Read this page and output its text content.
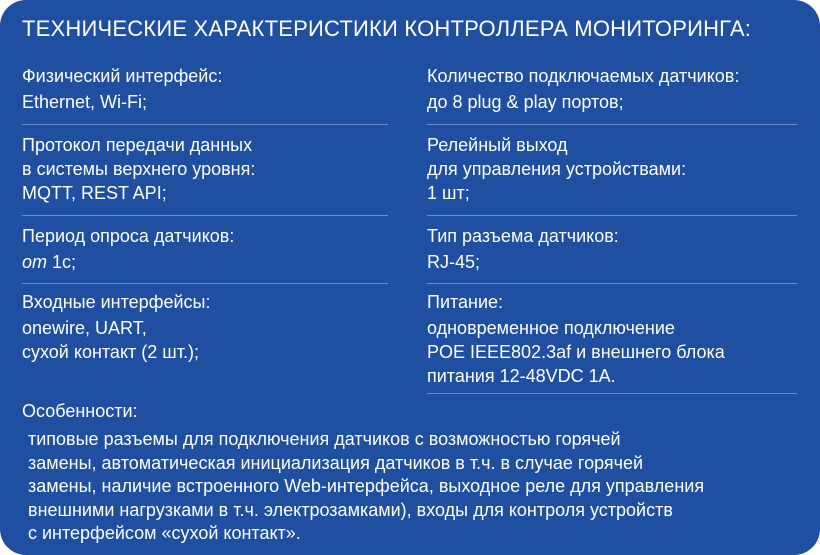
ТЕХНИЧЕСКИЕ ХАРАКТЕРИСТИКИ КОНТРОЛЛЕРА МОНИТОРИНГА:
Физический интерфейс:
Ethernet, Wi-Fi;
Количество подключаемых датчиков:
до 8 plug & play портов;
Протокол передачи данных
в системы верхнего уровня:
MQTT, REST API;
Релейный выход
для управления устройствами:
1 шт;
Период опроса датчиков:
от 1с;
Тип разъема датчиков:
RJ-45;
Входные интерфейсы:
onewire, UART,
сухой контакт (2 шт.);
Питание:
одновременное подключение
POE IEEE802.3af и внешнего блока
питания 12-48VDC 1A.
Особенности:
типовые разъемы для подключения датчиков с возможностью горячей
замены, автоматическая инициализация датчиков в т.ч. в случае горячей
замены, наличие встроенного Web-интерфейса, выходное реле для управления
внешними нагрузками в т.ч. электрозамками), входы для контроля устройств
с интерфейсом «сухой контакт».
